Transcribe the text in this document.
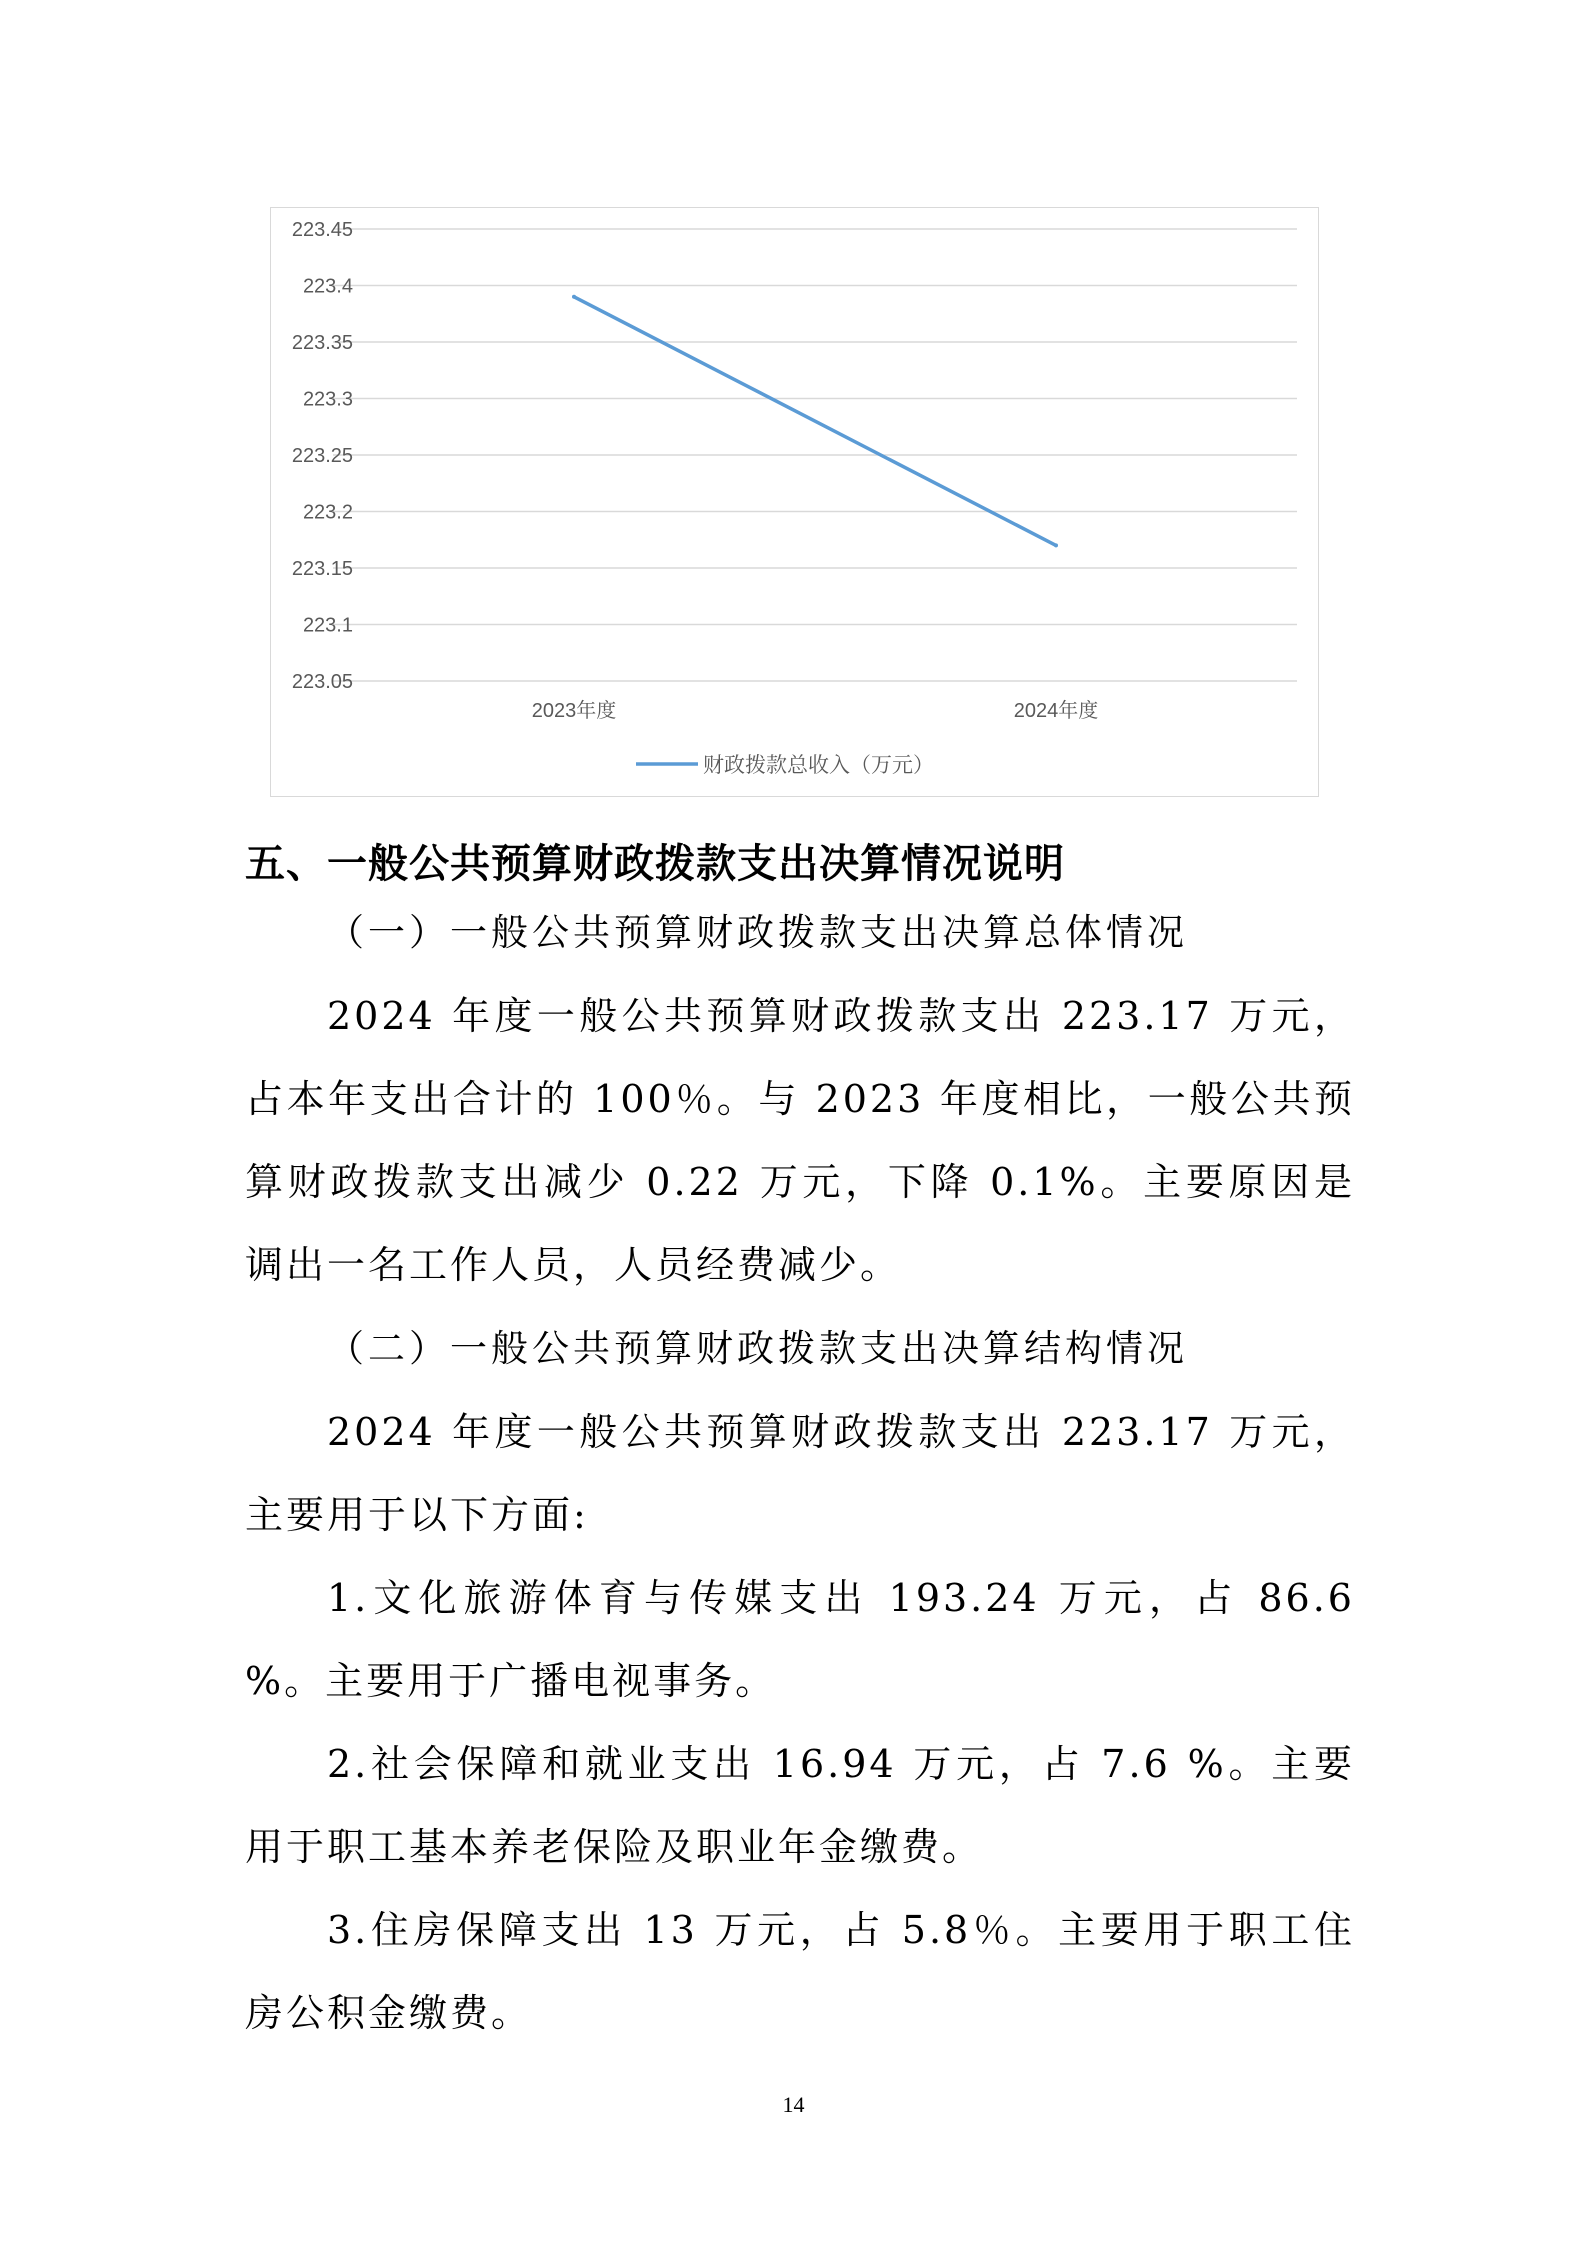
223.45
223.4
223.35
223.3
223.25
223.2
223.15
223.1
223.05
2023年度	2024年度
财政拨款总收入（万元）

五、一般公共预算财政拨款支出决算情况说明

（一）一般公共预算财政拨款支出决算总体情况

2024 年度一般公共预算财政拨款支出 223.17 万元，占本年支出合计的 100％。与 2023 年度相比，一般公共预算财政拨款支出减少 0.22 万元，下降 0.1%。主要原因是调出一名工作人员，人员经费减少。

（二）一般公共预算财政拨款支出决算结构情况

2024 年度一般公共预算财政拨款支出 223.17 万元，主要用于以下方面:

1.文化旅游体育与传媒支出 193.24 万元，占 86.6 %。主要用于广播电视事务。

2.社会保障和就业支出 16.94 万元，占 7.6 %。主要用于职工基本养老保险及职业年金缴费。

3.住房保障支出 13 万元，占 5.8％。主要用于职工住房公积金缴费。

14
